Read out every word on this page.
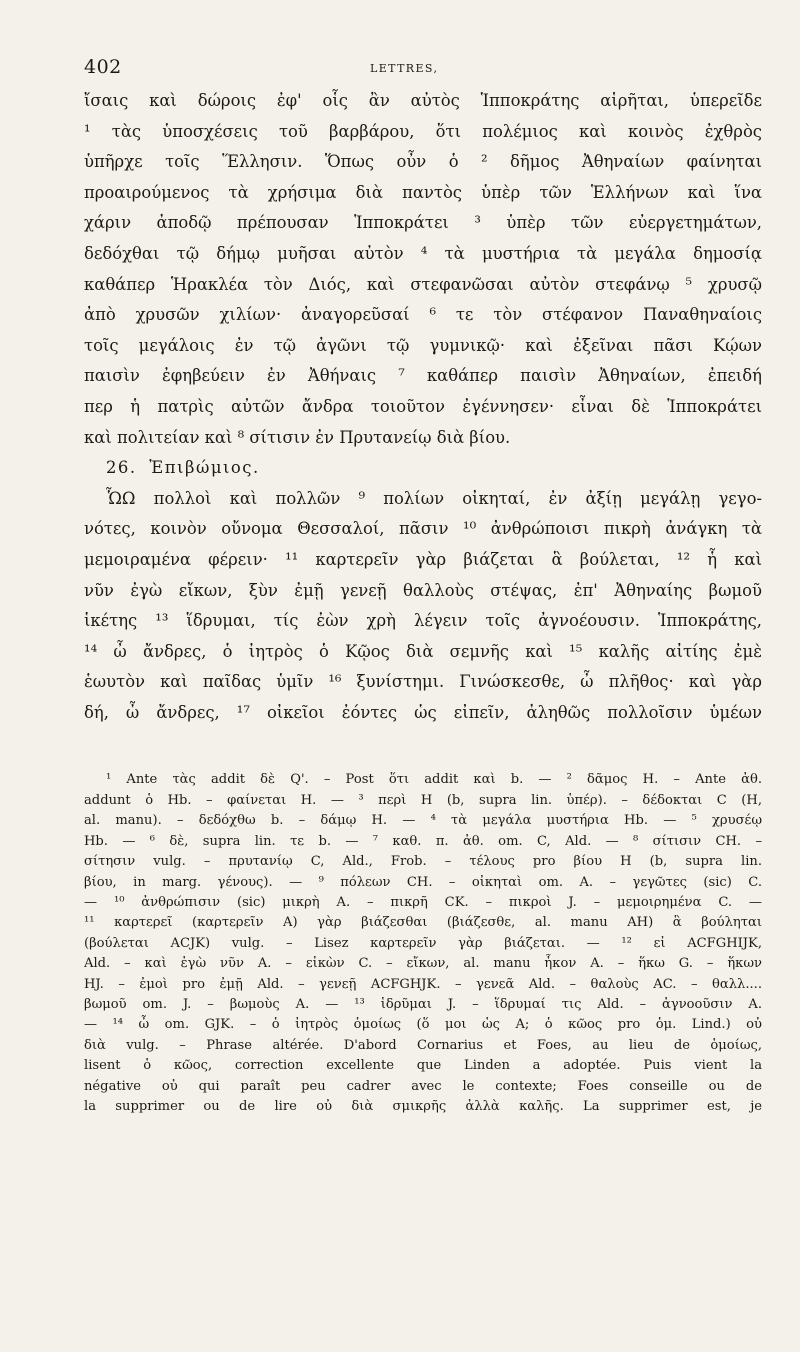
402	LETTRES,
ἴσαις καὶ δώροις ἐφ' οἷς ἂν αὐτὸς Ἱπποκράτης αἱρῆται, ὑπερεῖδε
¹ τὰς ὑποσχέσεις τοῦ βαρβάρου, ὅτι πολέμιος καὶ κοινὸς ἐχθρὸς
ὑπῆρχε τοῖς Ἕλλησιν. Ὅπως οὖν ὁ ² δῆμος Ἀθηναίων φαίνηται
προαιρούμενος τὰ χρήσιμα διὰ παντὸς ὑπὲρ τῶν Ἑλλήνων καὶ ἵνα
χάριν ἀποδῷ πρέπουσαν Ἱπποκράτει ³ ὑπὲρ τῶν εὐεργετημάτων,
δεδόχθαι τῷ δήμῳ μυῆσαι αὐτὸν ⁴ τὰ μυστήρια τὰ μεγάλα δημοσίᾳ
καθάπερ Ἡρακλέα τὸν Διός, καὶ στεφανῶσαι αὐτὸν στεφάνῳ ⁵ χρυσῷ
ἀπὸ χρυσῶν χιλίων· ἀναγορεῦσαί ⁶ τε τὸν στέφανον Παναθηναίοις
τοῖς μεγάλοις ἐν τῷ ἀγῶνι τῷ γυμνικῷ· καὶ ἐξεῖναι πᾶσι Κῴων
παισὶν ἐφηβεύειν ἐν Ἀθήναις ⁷ καθάπερ παισὶν Ἀθηναίων, ἐπειδή
περ ἡ πατρὶς αὐτῶν ἄνδρα τοιοῦτον ἐγέννησεν· εἶναι δὲ Ἱπποκράτει
καὶ πολιτείαν καὶ ⁸ σίτισιν ἐν Πρυτανείῳ διὰ βίου.
26. Ἐπιβώμιος.
ὯΩ πολλοὶ καὶ πολλῶν ⁹ πολίων οἰκηταί, ἐν ἀξίῃ μεγάλῃ γεγο-
νότες, κοινὸν οὔνομα Θεσσαλοί, πᾶσιν ¹⁰ ἀνθρώποισι πικρὴ ἀνάγκη τὰ
μεμοιραμένα φέρειν· ¹¹ καρτερεῖν γὰρ βιάζεται ἃ βούλεται, ¹² ἧ καὶ
νῦν ἐγὼ εἴκων, ξὺν ἐμῇ γενεῇ θαλλοὺς στέψας, ἐπ' Ἀθηναίης βωμοῦ
ἱκέτης ¹³ ἵδρυμαι, τίς ἐὼν χρὴ λέγειν τοῖς ἀγνοέουσιν. Ἱπποκράτης,
¹⁴ ὦ ἄνδρες, ὁ ἰητρὸς ὁ Κῷος διὰ σεμνῆς καὶ ¹⁵ καλῆς αἰτίης ἐμὲ
ἑωυτὸν καὶ παῖδας ὑμῖν ¹⁶ ξυνίστημι. Γινώσκεσθε, ὦ πλῆθος· καὶ γὰρ
δή, ὦ ἄνδρες, ¹⁷ οἰκεῖοι ἐόντες ὡς εἰπεῖν, ἀληθῶς πολλοῖσιν ὑμέων
¹ Ante τὰς addit δὲ Q'. – Post ὅτι addit καὶ b. — ² δᾶμος H. – Ante ἀθ.
addunt ὁ Hb. – φαίνεται H. — ³ περὶ H (b, supra lin. ὑπέρ). – δέδοκται C (H,
al. manu). – δεδόχθω b. – δάμῳ H. — ⁴ τὰ μεγάλα μυστήρια Hb. — ⁵ χρυσέῳ
Hb. — ⁶ δὲ, supra lin. τε b. — ⁷ καθ. π. ἀθ. om. C, Ald. — ⁸ σίτισιν CH. –
σίτησιν vulg. – πρυτανίῳ C, Ald., Frob. – τέλους pro βίου H (b, supra lin.
βίου, in marg. γένους). — ⁹ πόλεων CH. – οἰκηταὶ om. A. – γεγῶτες (sic) C.
— ¹⁰ ἀνθρώπισιν (sic) μικρὴ A. – πικρῆ CK. – πικροὶ J. – μεμοιρημένα C. —
¹¹ καρτερεῖ (καρτερεῖν A) γὰρ βιάζεσθαι (βιάζεσθε, al. manu AH) ἃ βούληται
(βούλεται ACJK) vulg. – Lisez καρτερεῖν γὰρ βιάζεται. — ¹² εἰ ACFGHIJK,
Ald. – καὶ ἐγὼ νῦν A. – εἰκὼν C. – εἴκων, al. manu ἧκον A. – ἥκω G. – ἥκων
HJ. – ἐμοὶ pro ἐμῇ Ald. – γενεῇ ACFGHJK. – γενεᾶ Ald. – θαλοὺς AC. – θαλλ....
βωμοῦ om. J. – βωμοὺς A. — ¹³ ἱδρῦμαι J. – ἵδρυμαί τις Ald. – ἀγνοοῦσιν A.
— ¹⁴ ὦ om. GJK. – ὁ ἰητρὸς ὁμοίως (ὅ μοι ὡς A; ὁ κῶος pro ὁμ. Lind.) οὐ
διὰ vulg. – Phrase altérée. D'abord Cornarius et Foes, au lieu de ὁμοίως,
lisent ὁ κῶος, correction excellente que Linden a adoptée. Puis vient la
négative οὐ qui paraît peu cadrer avec le contexte; Foes conseille ou de
la supprimer ou de lire οὐ διὰ σμικρῆς ἀλλὰ καλῆς. La supprimer est, je
